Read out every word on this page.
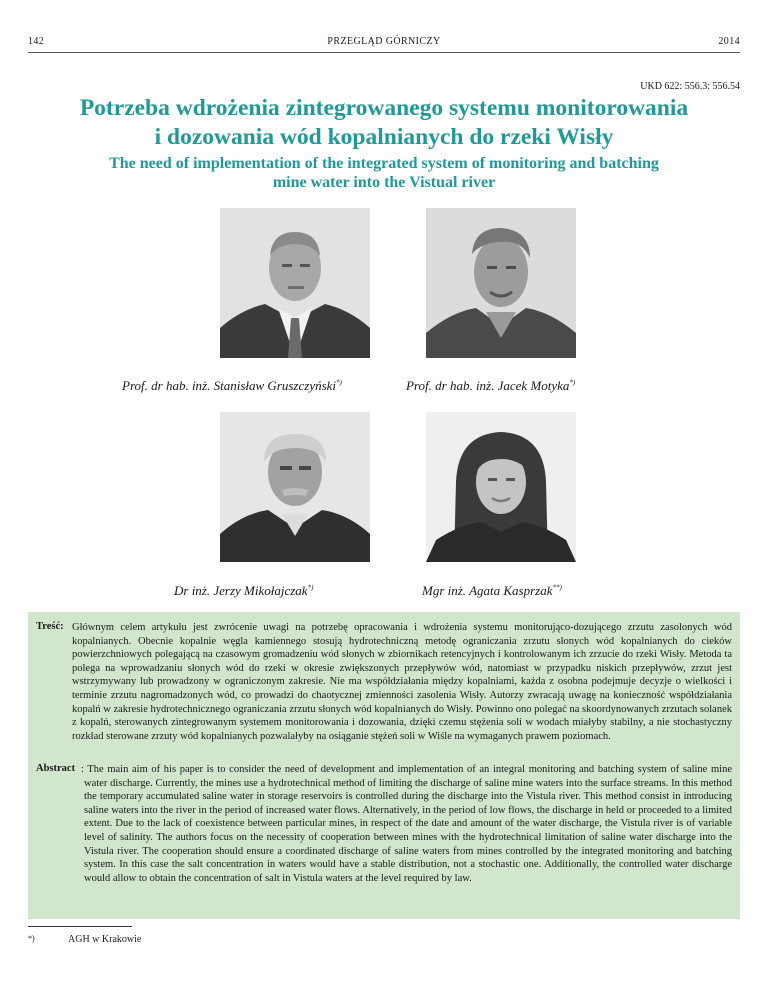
142	PRZEGLĄD GÓRNICZY	2014
UKD 622: 556.3: 556.54
Potrzeba wdrożenia zintegrowanego systemu monitorowania
i dozowania wód kopalnianych do rzeki Wisły
The need of implementation of the integrated system of monitoring and batching
mine water into the Vistual river
Prof. dr hab. inż. Stanisław Gruszczyński*)	Prof. dr hab. inż. Jacek Motyka*)
Dr inż. Jerzy Mikołajczak*)	Mgr inż. Agata Kasprzak**)
Treść: Głównym celem artykułu jest zwrócenie uwagi na potrzebę opracowania i wdrożenia systemu monitorująco-dozującego zrzutu zasolonych wód kopalnianych. Obecnie kopalnie węgla kamiennego stosują hydrotechniczną metodę ograniczania zrzutu słonych wód kopalnianych do cieków powierzchniowych polegającą na czasowym gromadzeniu wód słonych w zbiornikach retencyjnych i kontrolowanym ich zrzucie do rzeki Wisły. Metoda ta polega na wprowadzaniu słonych wód do rzeki w okresie zwiększonych przepływów wód, natomiast w przypadku niskich przepływów, zrzut jest wstrzymywany lub prowadzony w ograniczonym zakresie. Nie ma współdziałania między kopalniami, każda z osobna podejmuje decyzje o wielkości i terminie zrzutu nagromadzonych wód, co prowadzi do chaotycznej zmienności zasolenia Wisły. Autorzy zwracają uwagę na konieczność współdziałania kopalń w zakresie hydrotechnicznego ograniczania zrzutu słonych wód kopalnianych do Wisły. Powinno ono polegać na skoordynowanych zrzutach solanek z kopalń, sterowanych zintegrowanym systemem monitorowania i dozowania, dzięki czemu stężenia soli w wodach miałyby stabilny, a nie stochastyczny rozkład sterowane zrzuty wód kopalnianych pozwalałyby na osiąganie stężeń soli w Wiśle na wymaganych prawem poziomach.
Abstract : The main aim of his paper is to consider the need of development and implementation of an integral monitoring and batching system of saline mine water discharge. Currently, the mines use a hydrotechnical method of limiting the discharge of saline mine waters into the surface streams. In this method the temporary accumulated saline water in storage reservoirs is controlled during the discharge into the Vistula river. This method consist in introducing saline waters into the river in the period of increased water flows. Alternatively, in the period of low flows, the discharge in held or proceeded to a limited extent. Due to the lack of coexistence between particular mines, in respect of the date and amount of the water discharge, the Vistula river is of variable level of salinity. The authors focus on the necessity of cooperation between mines with the hydrotechnical limitation of saline water discharge into the Vistula river. The cooperation should ensure a coordinated discharge of saline waters from mines controlled by the integrated monitoring and batching system. In this case the salt concentration in waters would have a stable distribution, not a stochastic one. Additionally, the controlled water discharge would allow to obtain the concentration of salt in Vistula waters at the level required by law.
*)	AGH w Krakowie
